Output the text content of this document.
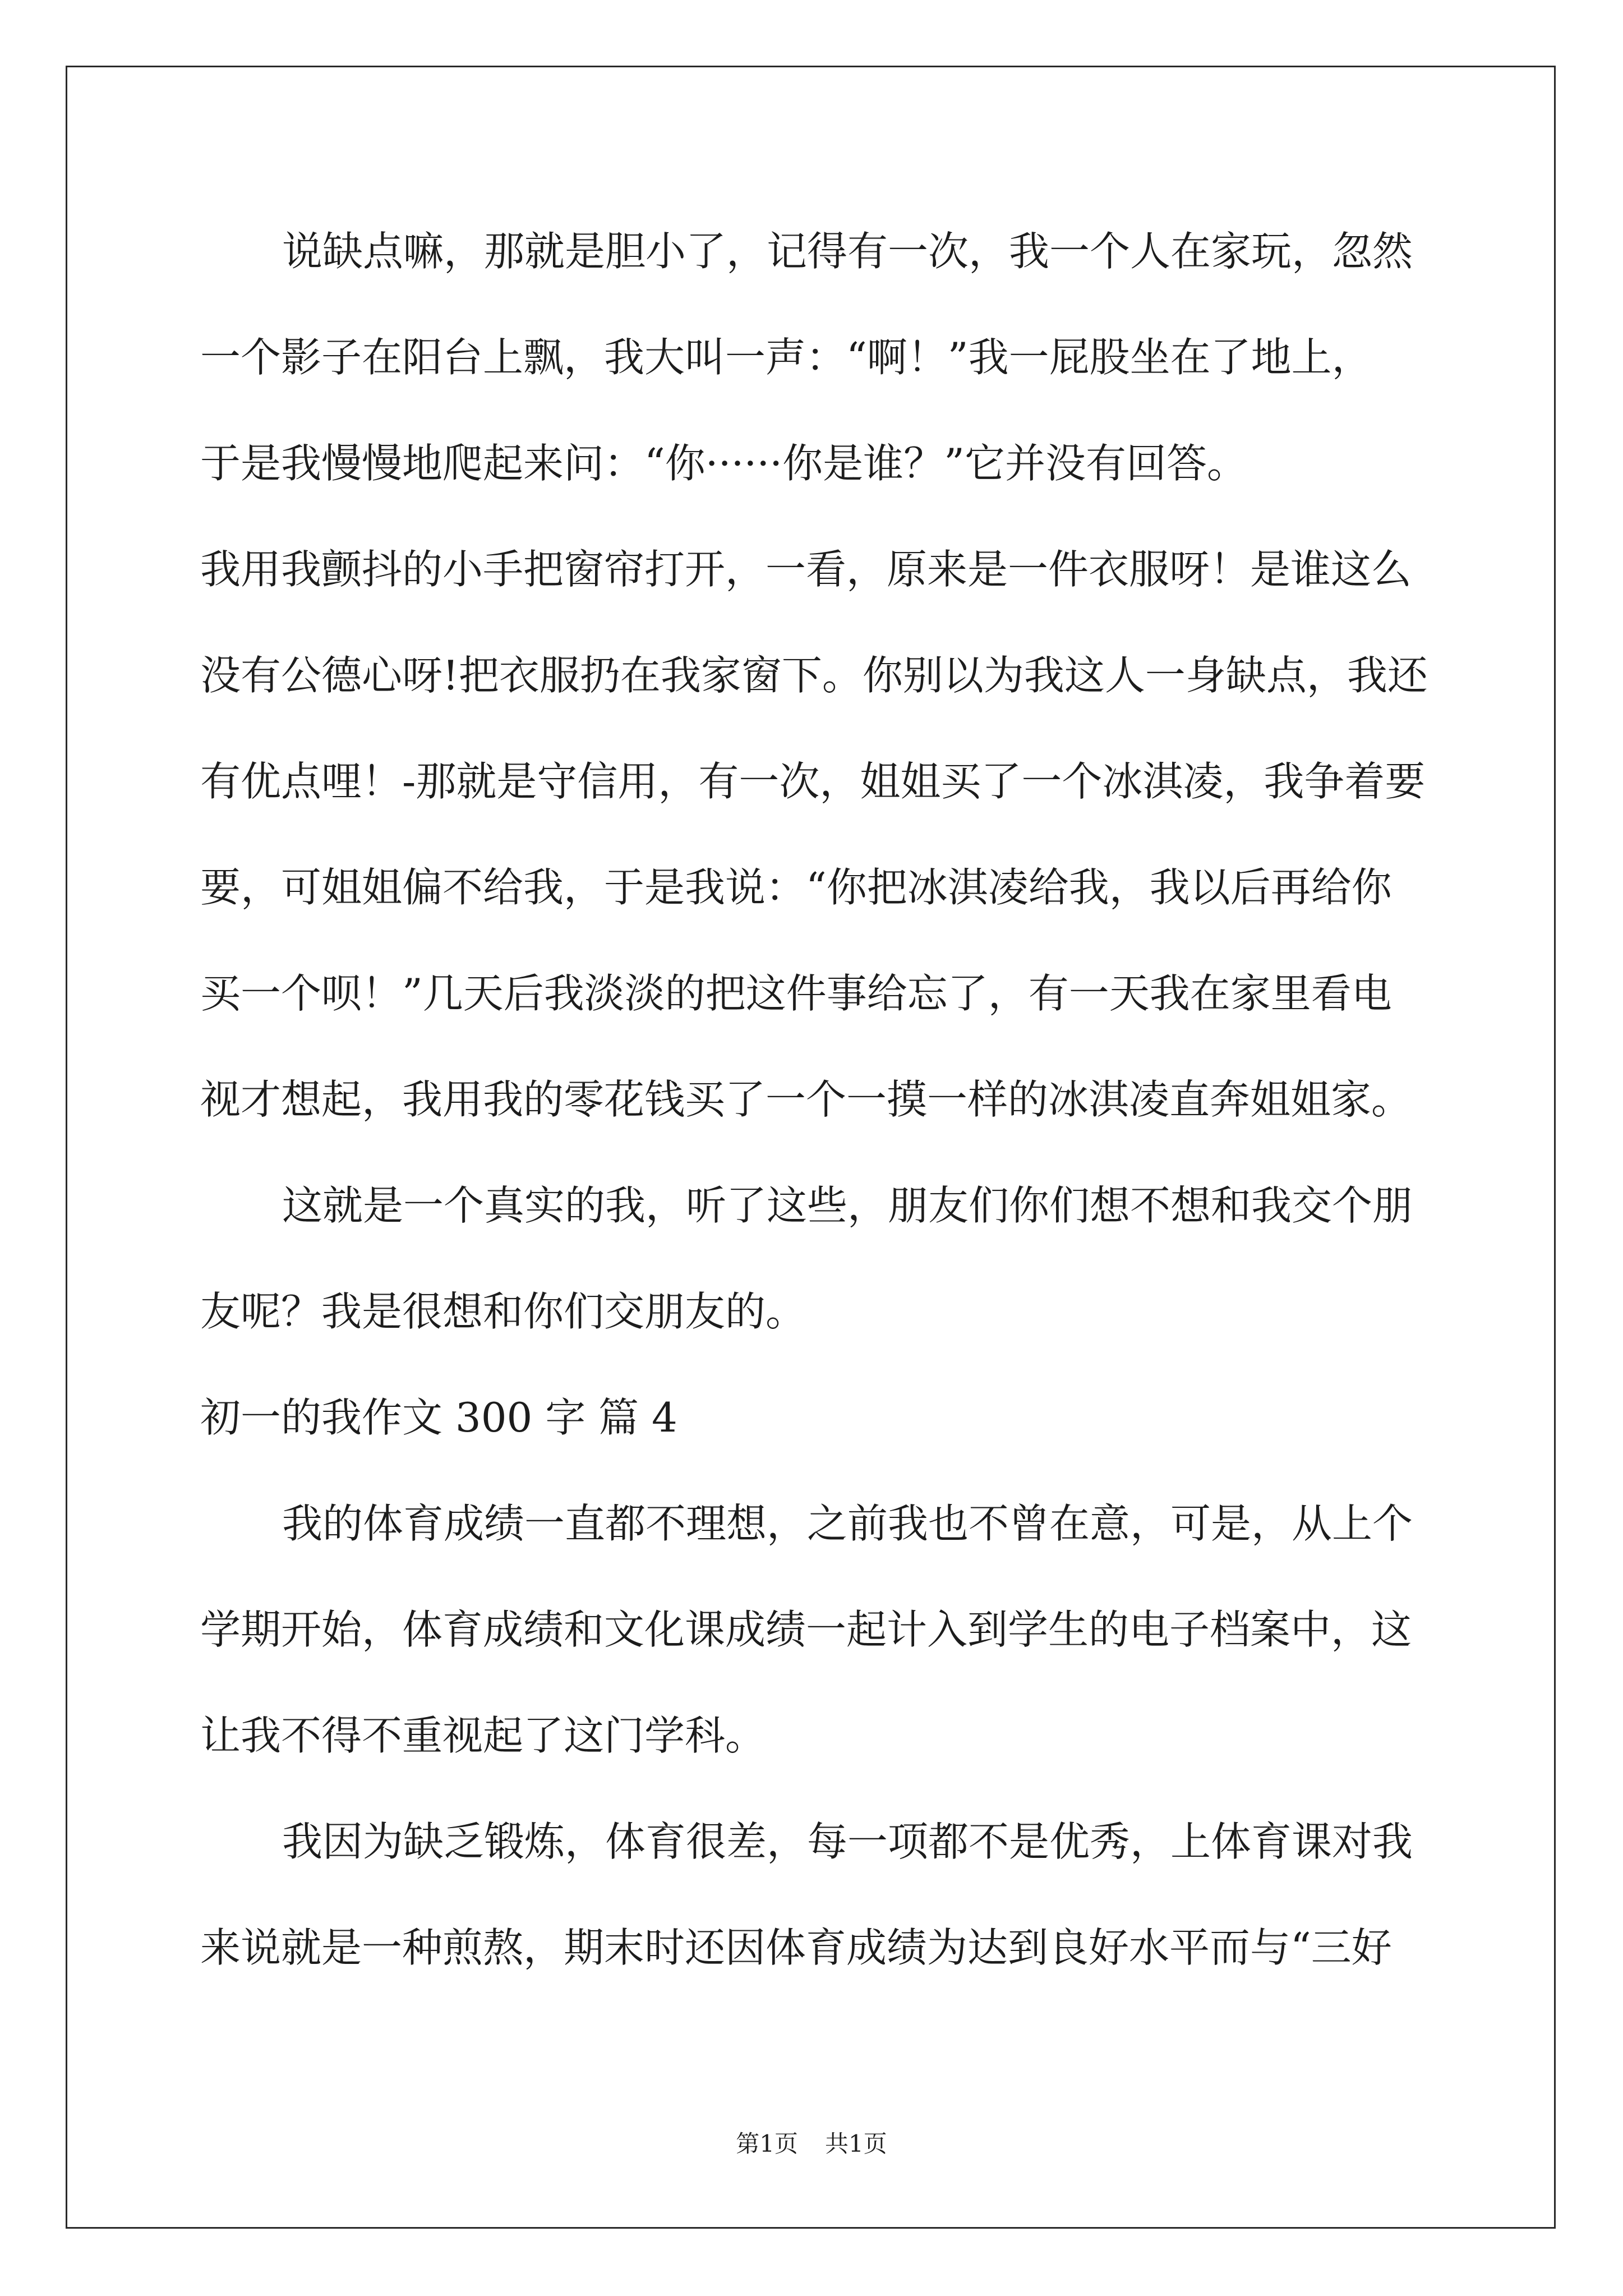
说缺点嘛，那就是胆小了，记得有一次，我一个人在家玩，忽然
一个影子在阳台上飘，我大叫一声：“啊！”我一屁股坐在了地上，
于是我慢慢地爬起来问：“你······你是谁？”它并没有回答。
我用我颤抖的小手把窗帘打开，一看，原来是一件衣服呀！是谁这么
没有公德心呀!把衣服扔在我家窗下。你别以为我这人一身缺点，我还
有优点哩！-那就是守信用，有一次，姐姐买了一个冰淇凌，我争着要
要，可姐姐偏不给我，于是我说：“你把冰淇凌给我，我以后再给你
买一个呗！”几天后我淡淡的把这件事给忘了，有一天我在家里看电
视才想起，我用我的零花钱买了一个一摸一样的冰淇凌直奔姐姐家。
这就是一个真实的我，听了这些，朋友们你们想不想和我交个朋
友呢？我是很想和你们交朋友的。
初一的我作文 300 字 篇 4
我的体育成绩一直都不理想，之前我也不曾在意，可是，从上个
学期开始，体育成绩和文化课成绩一起计入到学生的电子档案中，这
让我不得不重视起了这门学科。
我因为缺乏锻炼，体育很差，每一项都不是优秀，上体育课对我
来说就是一种煎熬，期末时还因体育成绩为达到良好水平而与“三好
第1页 共1页
